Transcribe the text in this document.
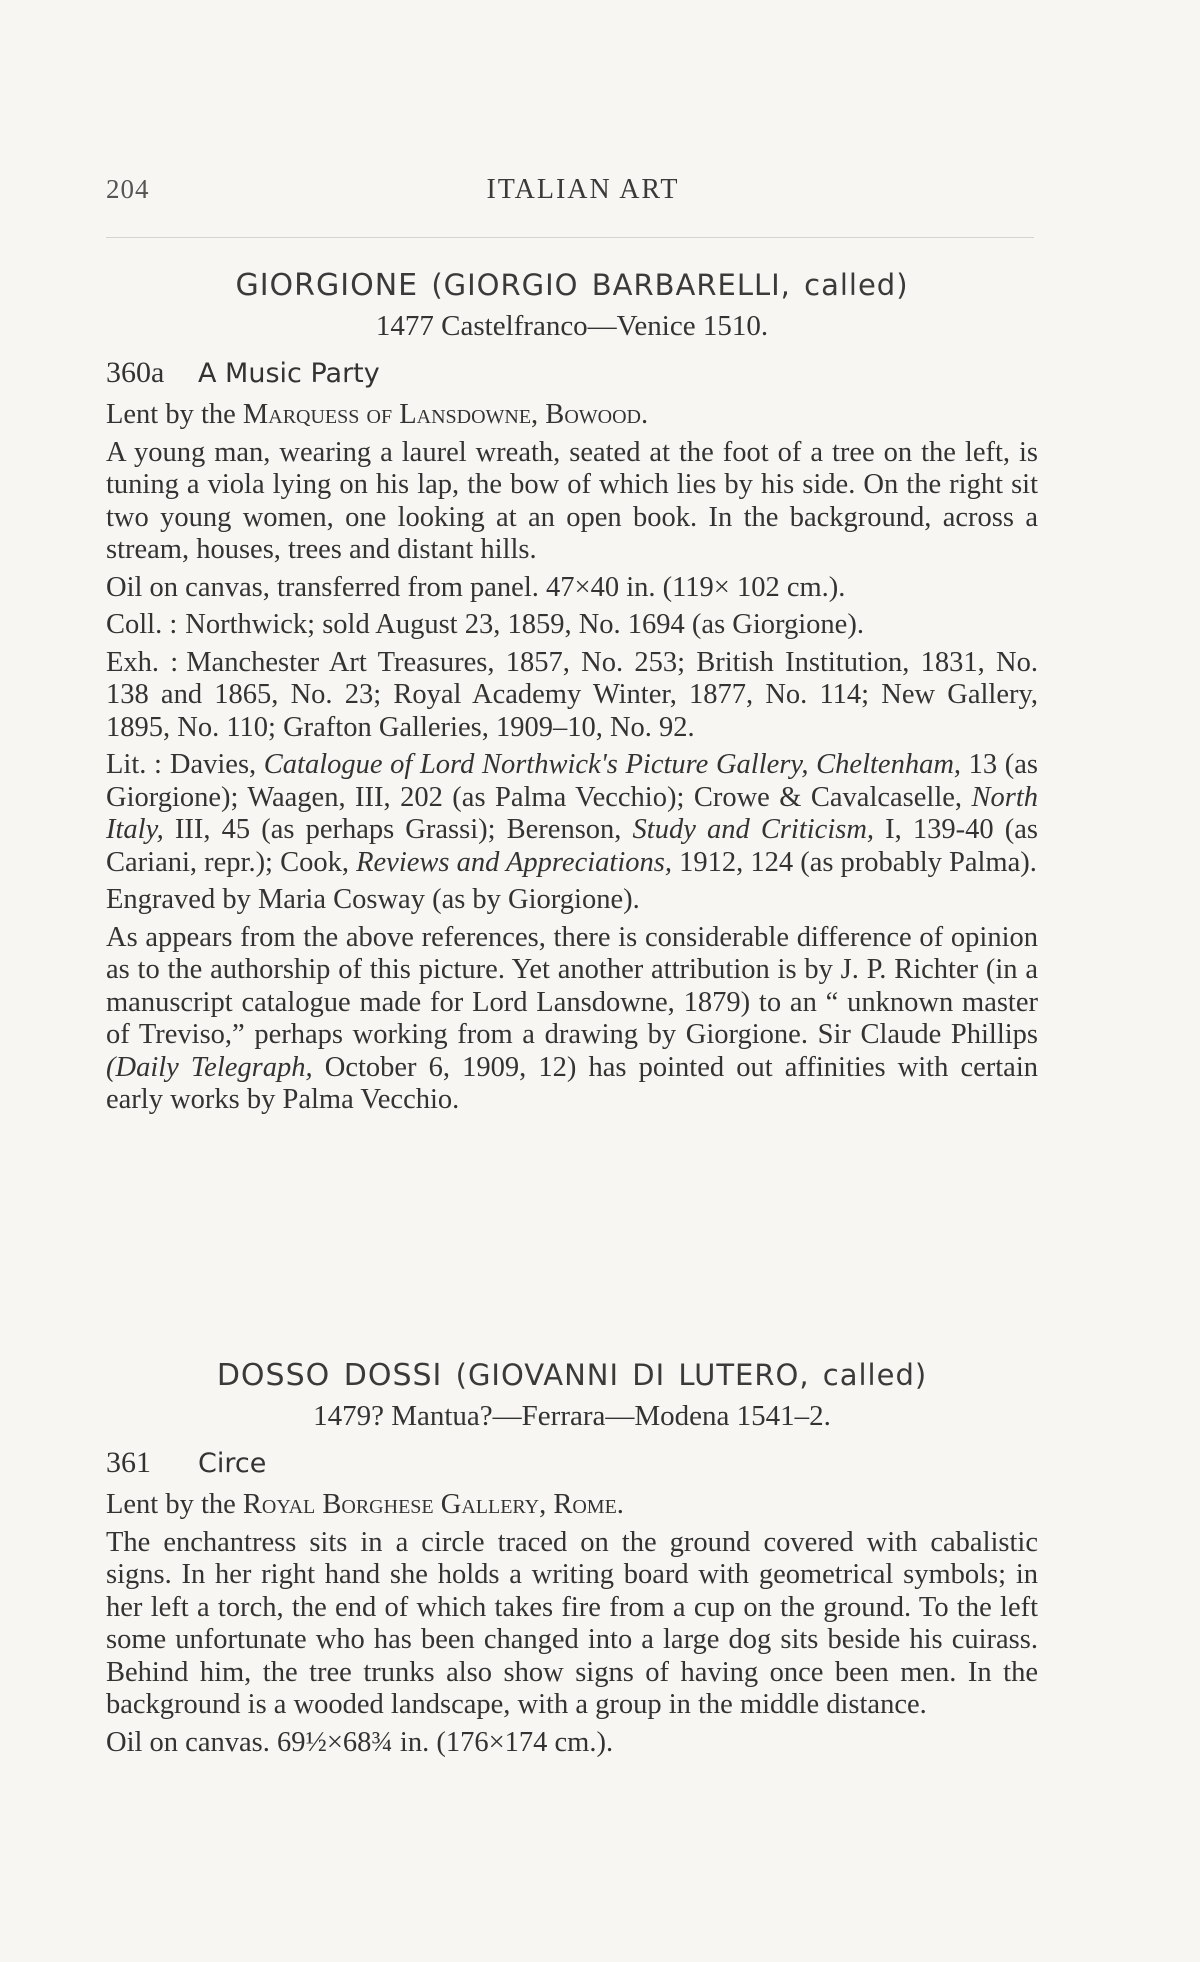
204	ITALIAN ART
GIORGIONE (GIORGIO BARBARELLI, called)
1477 Castelfranco—Venice 1510.
360a A Music Party

Lent by the Marquess of Lansdowne, Bowood.

A young man, wearing a laurel wreath, seated at the foot of a tree on the left, is tuning a viola lying on his lap, the bow of which lies by his side. On the right sit two young women, one looking at an open book. In the background, across a stream, houses, trees and distant hills.

Oil on canvas, transferred from panel. 47×40 in. (119× 102 cm.).

Coll. : Northwick; sold August 23, 1859, No. 1694 (as Giorgione).

Exh. : Manchester Art Treasures, 1857, No. 253; British Institution, 1831, No. 138 and 1865, No. 23; Royal Academy Winter, 1877, No. 114; New Gallery, 1895, No. 110; Grafton Galleries, 1909–10, No. 92.

Lit. : Davies, Catalogue of Lord Northwick's Picture Gallery, Cheltenham, 13 (as Giorgione); Waagen, III, 202 (as Palma Vecchio); Crowe & Cavalcaselle, North Italy, III, 45 (as perhaps Grassi); Berenson, Study and Criticism, I, 139-40 (as Cariani, repr.); Cook, Reviews and Appreciations, 1912, 124 (as probably Palma).

Engraved by Maria Cosway (as by Giorgione).

As appears from the above references, there is considerable difference of opinion as to the authorship of this picture. Yet another attribution is by J. P. Richter (in a manuscript catalogue made for Lord Lansdowne, 1879) to an “ unknown master of Treviso,” perhaps working from a drawing by Giorgione. Sir Claude Phillips (Daily Telegraph, October 6, 1909, 12) has pointed out affinities with certain early works by Palma Vecchio.

DOSSO DOSSI (GIOVANNI DI LUTERO, called)
1479? Mantua?—Ferrara—Modena 1541–2.
361 Circe

Lent by the Royal Borghese Gallery, Rome.

The enchantress sits in a circle traced on the ground covered with cabalistic signs. In her right hand she holds a writing board with geometrical symbols; in her left a torch, the end of which takes fire from a cup on the ground. To the left some unfortunate who has been changed into a large dog sits beside his cuirass. Behind him, the tree trunks also show signs of having once been men. In the background is a wooded landscape, with a group in the middle distance.

Oil on canvas. 69½×68¾ in. (176×174 cm.).
